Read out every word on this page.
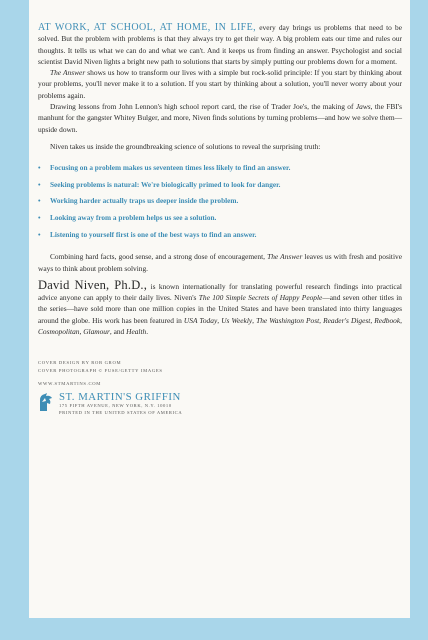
AT WORK, AT SCHOOL, AT HOME, IN LIFE, every day brings us problems that need to be solved. But the problem with problems is that they always try to get their way. A big problem eats our time and rules our thoughts. It tells us what we can do and what we can't. And it keeps us from finding an answer. Psychologist and social scientist David Niven lights a bright new path to solutions that starts by simply putting our problems down for a moment.

The Answer shows us how to transform our lives with a simple but rock-solid principle: If you start by thinking about your problems, you'll never make it to a solution. If you start by thinking about a solution, you'll never worry about your problems again.

Drawing lessons from John Lennon's high school report card, the rise of Trader Joe's, the making of Jaws, the FBI's manhunt for the gangster Whitey Bulger, and more, Niven finds solutions by turning problems—and how we solve them—upside down.

Niven takes us inside the groundbreaking science of solutions to reveal the surprising truth:

• Focusing on a problem makes us seventeen times less likely to find an answer.
• Seeking problems is natural: We're biologically primed to look for danger.
• Working harder actually traps us deeper inside the problem.
• Looking away from a problem helps us see a solution.
• Listening to yourself first is one of the best ways to find an answer.

Combining hard facts, good sense, and a strong dose of encouragement, The Answer leaves us with fresh and positive ways to think about problem solving.

David Niven, Ph.D., is known internationally for translating powerful research findings into practical advice anyone can apply to their daily lives. Niven's The 100 Simple Secrets of Happy People—and seven other titles in the series—have sold more than one million copies in the United States and have been translated into thirty languages around the globe. His work has been featured in USA Today, Us Weekly, The Washington Post, Reader's Digest, Redbook, Cosmopolitan, Glamour, and Health.

COVER DESIGN BY ROB GROM
COVER PHOTOGRAPH © FUSE/GETTY IMAGES
WWW.STMARTINS.COM
ST. MARTIN'S GRIFFIN
175 FIFTH AVENUE, NEW YORK, N.Y. 10010
PRINTED IN THE UNITED STATES OF AMERICA
